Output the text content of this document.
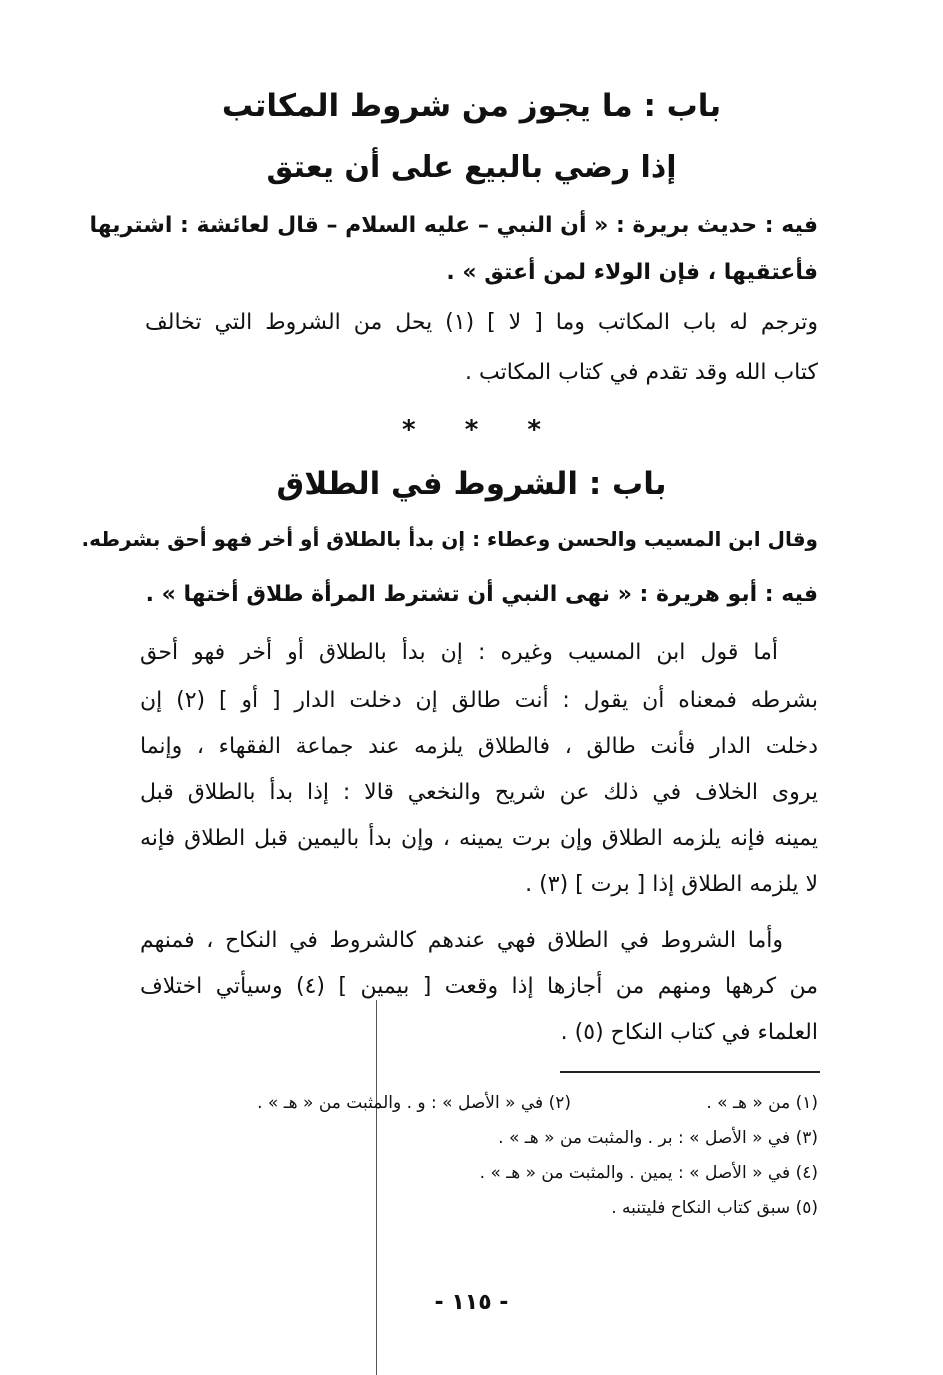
باب : ما يجوز من شروط المكاتب
إذا رضي بالبيع على أن يعتق
فيه : حديث بريرة : « أن النبي – عليه السلام – قال لعائشة : اشتريها
فأعتقيها ، فإن الولاء لمن أعتق » .
وترجم له باب المكاتب وما [ لا ] (١) يحل من الشروط التي تخالف
كتاب الله وقد تقدم في كتاب المكاتب .
* * *
باب : الشروط في الطلاق
وقال ابن المسيب والحسن وعطاء : إن بدأ بالطلاق أو أخر فهو أحق بشرطه.
فيه : أبو هريرة : « نهى النبي أن تشترط المرأة طلاق أختها » .
أما قول ابن المسيب وغيره : إن بدأ بالطلاق أو أخر فهو أحق
بشرطه فمعناه أن يقول : أنت طالق إن دخلت الدار [ أو ] (٢) إن
دخلت الدار فأنت طالق ، فالطلاق يلزمه عند جماعة الفقهاء ، وإنما
يروى الخلاف في ذلك عن شريح والنخعي قالا : إذا بدأ بالطلاق قبل
يمينه فإنه يلزمه الطلاق وإن برت يمينه ، وإن بدأ باليمين قبل الطلاق فإنه
لا يلزمه الطلاق إذا [ برت ] (٣) .
وأما الشروط في الطلاق فهي عندهم كالشروط في النكاح ، فمنهم
من كرهها ومنهم من أجازها إذا وقعت [ بيمين ] (٤) وسيأتي اختلاف
العلماء في كتاب النكاح (٥) .
(١) من « هـ » .
(٢) في « الأصل » : و . والمثبت من « هـ » .
(٣) في « الأصل » : بر . والمثبت من « هـ » .
(٤) في « الأصل » : يمين . والمثبت من « هـ » .
(٥) سبق كتاب النكاح فليتنبه .
- ١١٥ -
